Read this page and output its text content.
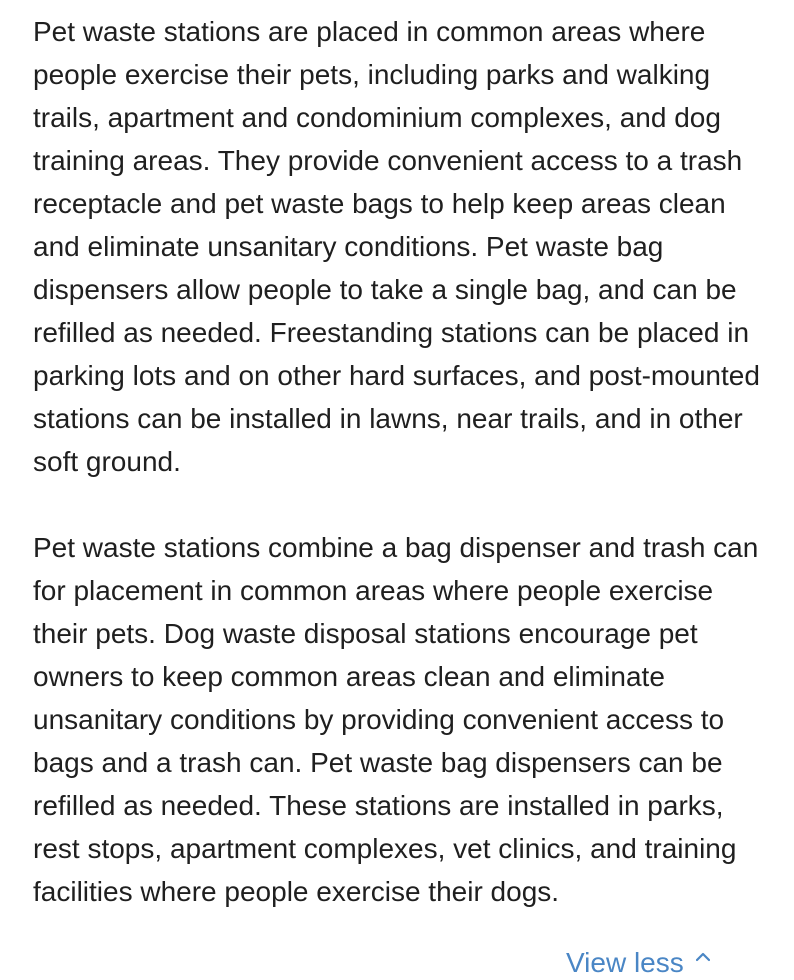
Pet waste stations are placed in common areas where people exercise their pets, including parks and walking trails, apartment and condominium complexes, and dog training areas. They provide convenient access to a trash receptacle and pet waste bags to help keep areas clean and eliminate unsanitary conditions. Pet waste bag dispensers allow people to take a single bag, and can be refilled as needed. Freestanding stations can be placed in parking lots and on other hard surfaces, and post-mounted stations can be installed in lawns, near trails, and in other soft ground.

Pet waste stations combine a bag dispenser and trash can for placement in common areas where people exercise their pets. Dog waste disposal stations encourage pet owners to keep common areas clean and eliminate unsanitary conditions by providing convenient access to bags and a trash can. Pet waste bag dispensers can be refilled as needed. These stations are installed in parks, rest stops, apartment complexes, vet clinics, and training facilities where people exercise their dogs.

View less
